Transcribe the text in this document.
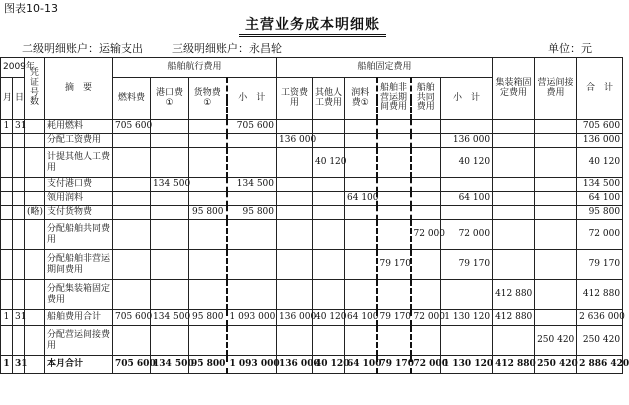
图表10-13
主营业务成本明细账
二级明细账户：运输支出	三级明细账户：永昌轮	单位：元
2009年		凭证号数	摘　要	船舶航行费用				船舶固定费用						集装箱固定费用	营运间接费用	合　计
月	日			燃料费	港口费①	货物费①	小　计	工资费用	其他人工费用	润料费①	船舶非营运期间费用	船舶共同费用	小　计			

1	31		耗用燃料	705 600			705 600									705 600
			分配工资费用					136 000					136 000			136 000
			计提其他人工费用						40 120				40 120			40 120
			支付港口费		134 500		134 500									134 500
			领用润料							64 100			64 100			64 100
		(略)	支付货物费			95 800	95 800									95 800
			分配船舶共同费用									72 000	72 000			72 000
			分配船舶非营运期间费用								79 170		79 170			79 170
			分配集装箱固定费用											412 880		412 880
1	31		船舶费用合计	705 600	134 500	95 800	1 093 000	136 000	40 120	64 100	79 170	72 000	1 130 120	412 880		2 636 000
			分配营运间接费用												250 420	250 420
1	31		本月合计	705 600	134 500	95 800	1 093 000	136 000	40 120	64 100	79 170	72 000	1 130 120	412 880	250 420	2 886 420
